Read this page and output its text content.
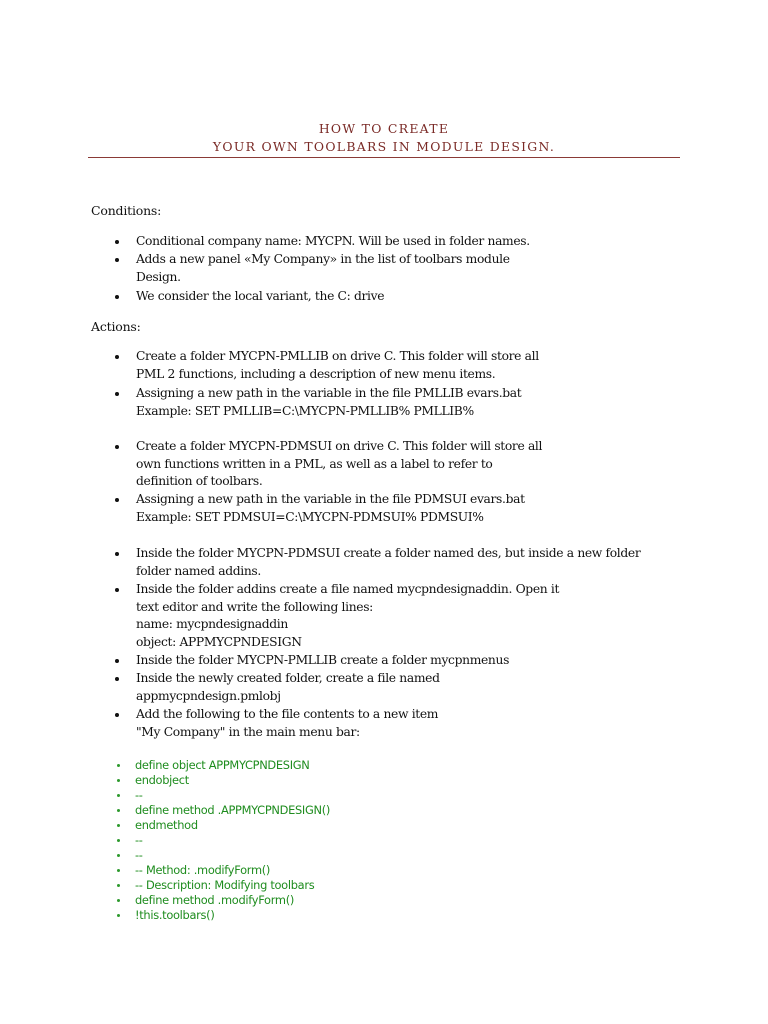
HOW TO CREATE
YOUR OWN TOOLBARS IN MODULE DESIGN.
Conditions:
Conditional company name: MYCPN. Will be used in folder names.
Adds a new panel «My Company» in the list of toolbars module
Design.
We consider the local variant, the C: drive
Actions:
Create a folder MYCPN-PMLLIB on drive C. This folder will store all
PML 2 functions, including a description of new menu items.
Assigning a new path in the variable in the file PMLLIB evars.bat
Example: SET PMLLIB=C:\MYCPN-PMLLIB% PMLLIB%
Create a folder MYCPN-PDMSUI on drive C. This folder will store all
own functions written in a PML, as well as a label to refer to
definition of toolbars.
Assigning a new path in the variable in the file PDMSUI evars.bat
Example: SET PDMSUI=C:\MYCPN-PDMSUI% PDMSUI%
Inside the folder MYCPN-PDMSUI create a folder named des, but inside a new folder
folder named addins.
Inside the folder addins create a file named mycpndesignaddin. Open it
text editor and write the following lines:
name: mycpndesignaddin
object: APPMYCPNDESIGN
Inside the folder MYCPN-PMLLIB create a folder mycpnmenus
Inside the newly created folder, create a file named
appmycpndesign.pmlobj
Add the following to the file contents to a new item
"My Company" in the main menu bar:
define object APPMYCPNDESIGN
endobject
--
define method .APPMYCPNDESIGN()
endmethod
--
--
-- Method: .modifyForm()
-- Description: Modifying toolbars
define method .modifyForm()
!this.toolbars()
